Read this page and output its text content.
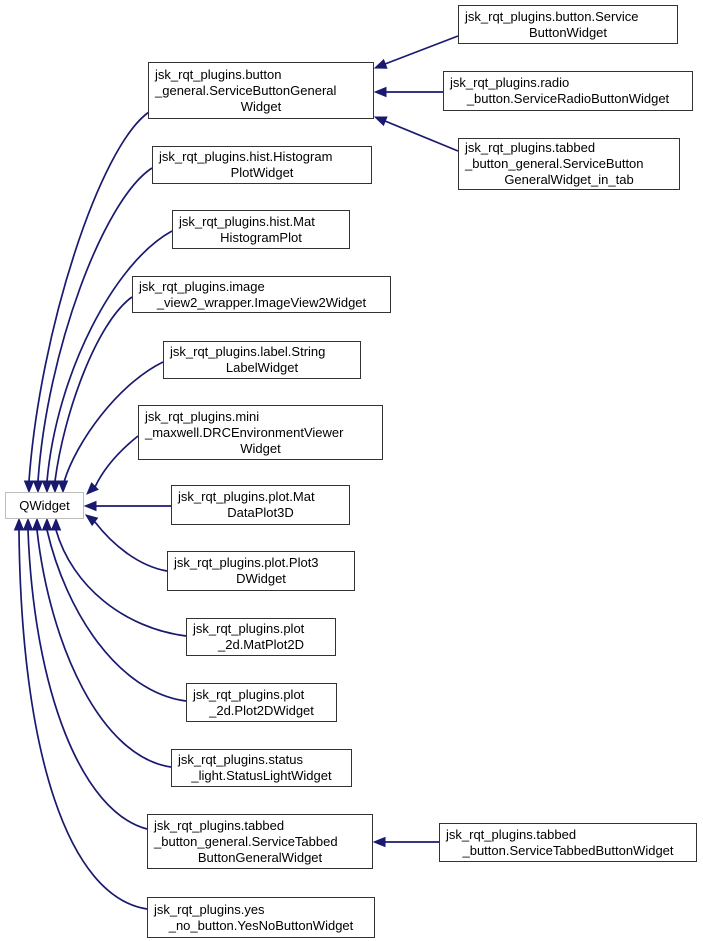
QWidget
jsk_rqt_plugins.button.Service
ButtonWidget
jsk_rqt_plugins.button
_general.ServiceButtonGeneral
Widget
jsk_rqt_plugins.radio
_button.ServiceRadioButtonWidget
jsk_rqt_plugins.tabbed
_button_general.ServiceButton
GeneralWidget_in_tab
jsk_rqt_plugins.hist.Histogram
PlotWidget
jsk_rqt_plugins.hist.Mat
HistogramPlot
jsk_rqt_plugins.image
_view2_wrapper.ImageView2Widget
jsk_rqt_plugins.label.String
LabelWidget
jsk_rqt_plugins.mini
_maxwell.DRCEnvironmentViewer
Widget
jsk_rqt_plugins.plot.Mat
DataPlot3D
jsk_rqt_plugins.plot.Plot3
DWidget
jsk_rqt_plugins.plot
_2d.MatPlot2D
jsk_rqt_plugins.plot
_2d.Plot2DWidget
jsk_rqt_plugins.status
_light.StatusLightWidget
jsk_rqt_plugins.tabbed
_button_general.ServiceTabbed
ButtonGeneralWidget
jsk_rqt_plugins.tabbed
_button.ServiceTabbedButtonWidget
jsk_rqt_plugins.yes
_no_button.YesNoButtonWidget
